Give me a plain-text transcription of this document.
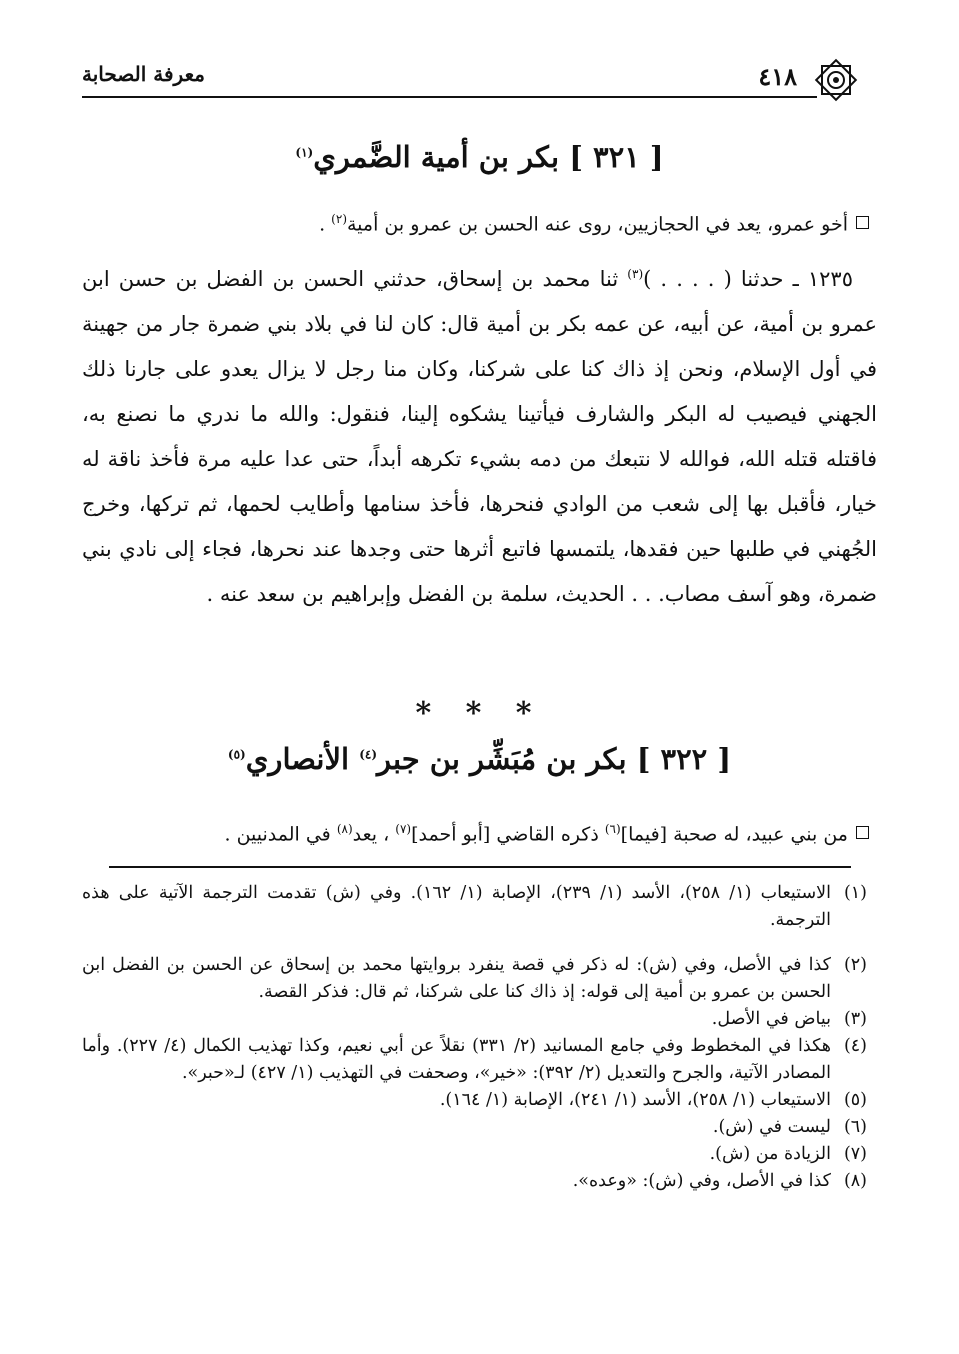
٤١٨
معرفة الصحابة
[ ٣٢١ ] بكر بن أمية الضَّمري$^{(١)}$
أخو عمرو، يعد في الحجازيين، روى عنه الحسن بن عمرو بن أمية$^{(٢)}$ .
١٢٣٥ ـ حدثنا ( . . . . )$^{(٣)}$ ثنا محمد بن إسحاق، حدثني الحسن بن الفضل بن حسن ابن عمرو بن أمية، عن أبيه، عن عمه بكر بن أمية قال: كان لنا في بلاد بني ضمرة جار من جهينة في أول الإسلام، ونحن إذ ذاك كنا على شركنا، وكان منا رجل لا يزال يعدو على جارنا ذلك الجهني فيصيب له البكر والشارف فيأتينا يشكوه إلينا، فنقول: والله ما ندري ما نصنع به، فاقتله قتله الله، فوالله لا نتبعك من دمه بشيء تكرهه أبداً، حتى عدا عليه مرة فأخذ ناقة له خيار، فأقبل بها إلى شعب من الوادي فنحرها، فأخذ سنامها وأطايب لحمها، ثم تركها، وخرج الجُهني في طلبها حين فقدها، يلتمسها فاتبع أثرها حتى وجدها عند نحرها، فجاء إلى نادي بني ضمرة، وهو آسف مصاب. . . الحديث، سلمة بن الفضل وإبراهيم بن سعد عنه .
* * *
[ ٣٢٢ ] بكر بن مُبَشِّر بن جبر$^{(٤)}$ الأنصاري$^{(٥)}$
من بني عبيد، له صحبة [فيما]$^{(٦)}$ ذكره القاضي [أبو أحمد]$^{(٧)}$ ، يعد$^{(٨)}$ في المدنيين .
(١)
الاستيعاب (١/ ٢٥٨)، الأسد (١/ ٢٣٩)، الإصابة (١/ ١٦٢). وفي (ش) تقدمت الترجمة الآتية على هذه الترجمة.
(٢)
كذا في الأصل، وفي (ش): له ذكر في قصة ينفرد بروايتها محمد بن إسحاق عن الحسن بن الفضل ابن الحسن بن عمرو بن أمية إلى قوله: إذ ذاك كنا على شركنا، ثم قال: فذكر القصة.
(٣)
بياض في الأصل.
(٤)
هكذا في المخطوط وفي جامع المسانيد (٢/ ٣٣١) نقلاً عن أبي نعيم، وكذا تهذيب الكمال (٤/ ٢٢٧). وأما المصادر الآتية، والجرح والتعديل (٢/ ٣٩٢): «خير»، وصحفت في التهذيب (١/ ٤٢٧) لـ«حبر».
(٥)
الاستيعاب (١/ ٢٥٨)، الأسد (١/ ٢٤١)، الإصابة (١/ ١٦٤).
(٦)
ليست في (ش).
(٧)
الزيادة من (ش).
(٨)
كذا في الأصل، وفي (ش): «وعده».
